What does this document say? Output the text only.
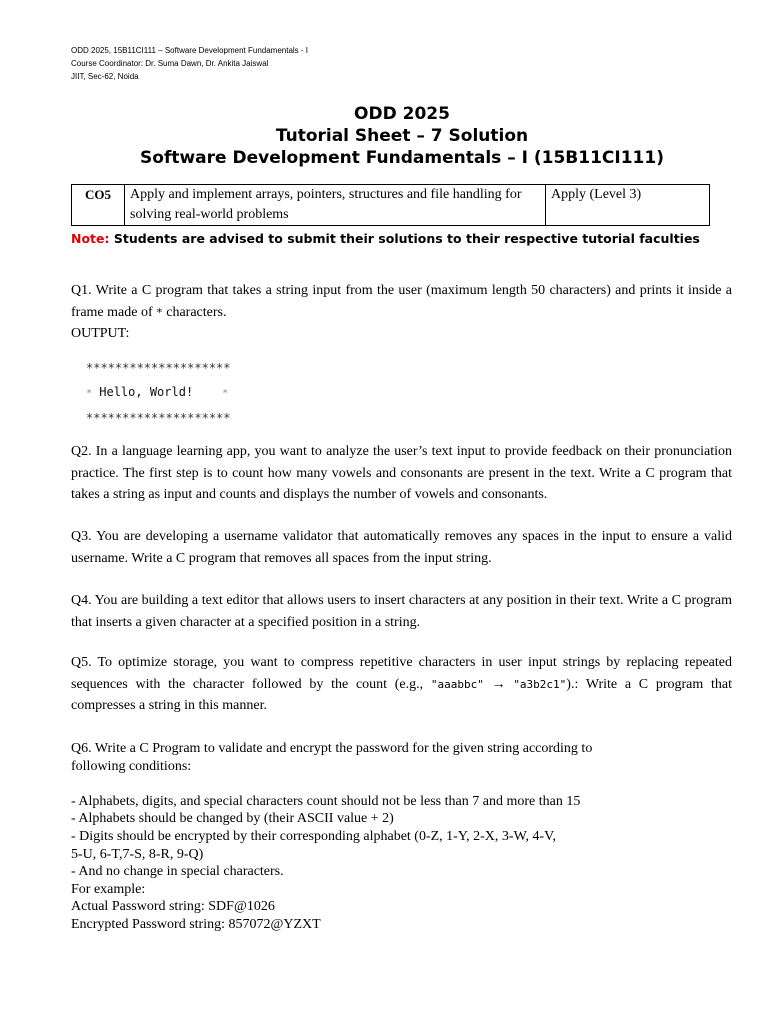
ODD 2025, 15B11CI111 – Software Development Fundamentals - I
Course Coordinator: Dr. Suma Dawn, Dr. Ankita Jaiswal
JIIT, Sec-62, Noida
ODD 2025
Tutorial Sheet – 7 Solution
Software Development Fundamentals – I (15B11CI111)
CO5	Apply and implement arrays, pointers, structures and file handling for solving real-world problems	Apply (Level 3)
Note: Students are advised to submit their solutions to their respective tutorial faculties
Q1. Write a C program that takes a string input from the user (maximum length 50 characters) and prints it inside a frame made of * characters.
OUTPUT:
********************
* Hello, World!    *
********************
Q2. In a language learning app, you want to analyze the user’s text input to provide feedback on their pronunciation practice. The first step is to count how many vowels and consonants are present in the text. Write a C program that takes a string as input and counts and displays the number of vowels and consonants.
Q3. You are developing a username validator that automatically removes any spaces in the input to ensure a valid username. Write a C program that removes all spaces from the input string.
Q4. You are building a text editor that allows users to insert characters at any position in their text. Write a C program that inserts a given character at a specified position in a string.
Q5. To optimize storage, you want to compress repetitive characters in user input strings by replacing repeated sequences with the character followed by the count (e.g., "aaabbc" → "a3b2c1").: Write a C program that compresses a string in this manner.
Q6. Write a C Program to validate and encrypt the password for the given string according to
following conditions:
- Alphabets, digits, and special characters count should not be less than 7 and more than 15
- Alphabets should be changed by (their ASCII value + 2)
- Digits should be encrypted by their corresponding alphabet (0-Z, 1-Y, 2-X, 3-W, 4-V,
5-U, 6-T,7-S, 8-R, 9-Q)
- And no change in special characters.
For example:
Actual Password string: SDF@1026
Encrypted Password string: 857072@YZXT
